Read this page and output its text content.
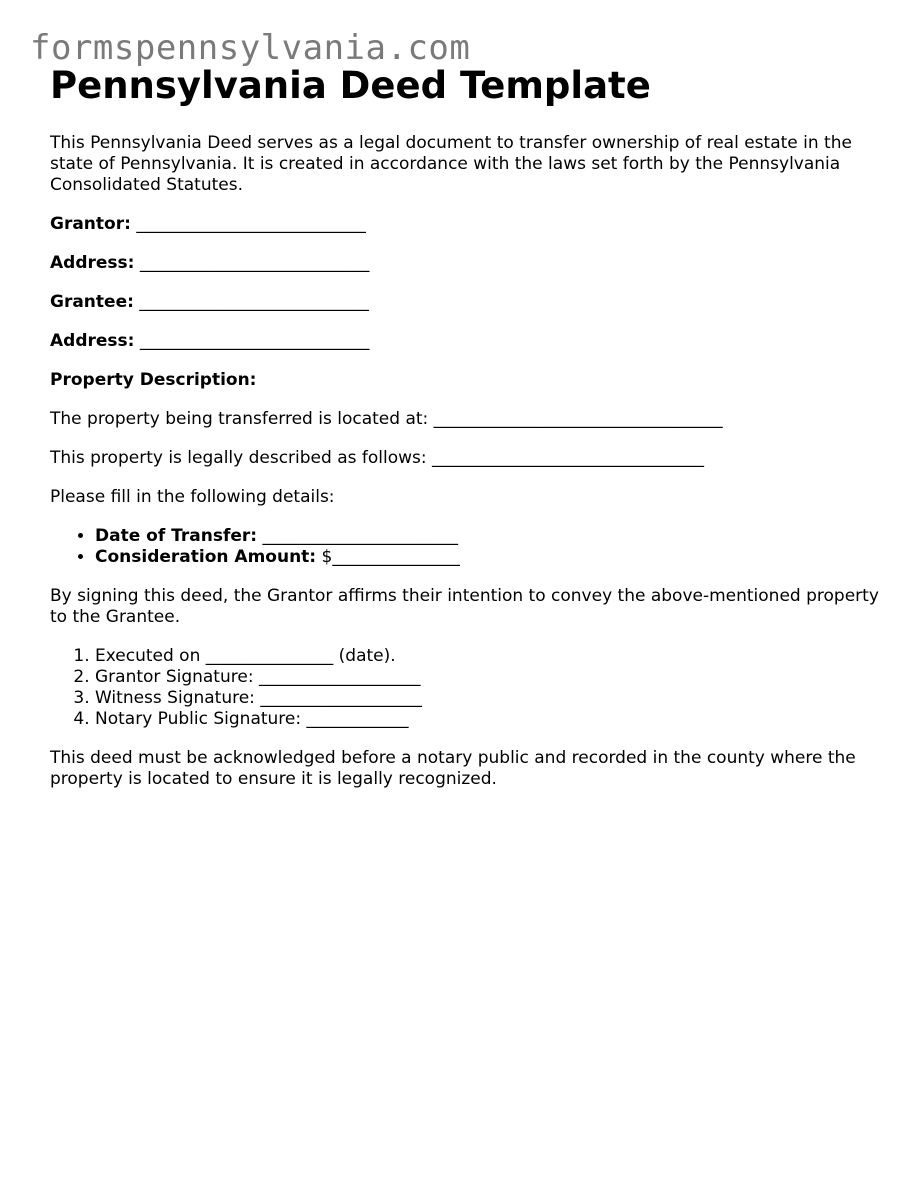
formspennsylvania.com
Pennsylvania Deed Template

This Pennsylvania Deed serves as a legal document to transfer ownership of real estate in the state of Pennsylvania. It is created in accordance with the laws set forth by the Pennsylvania Consolidated Statutes.

Grantor: ___________________________

Address: ___________________________

Grantee: ___________________________

Address: ___________________________

Property Description:

The property being transferred is located at: __________________________________

This property is legally described as follows: ________________________________

Please fill in the following details:

• Date of Transfer: _______________________
• Consideration Amount: $_______________

By signing this deed, the Grantor affirms their intention to convey the above-mentioned property to the Grantee.

1. Executed on _______________ (date).
2. Grantor Signature: ___________________
3. Witness Signature: ___________________
4. Notary Public Signature: ____________

This deed must be acknowledged before a notary public and recorded in the county where the property is located to ensure it is legally recognized.
